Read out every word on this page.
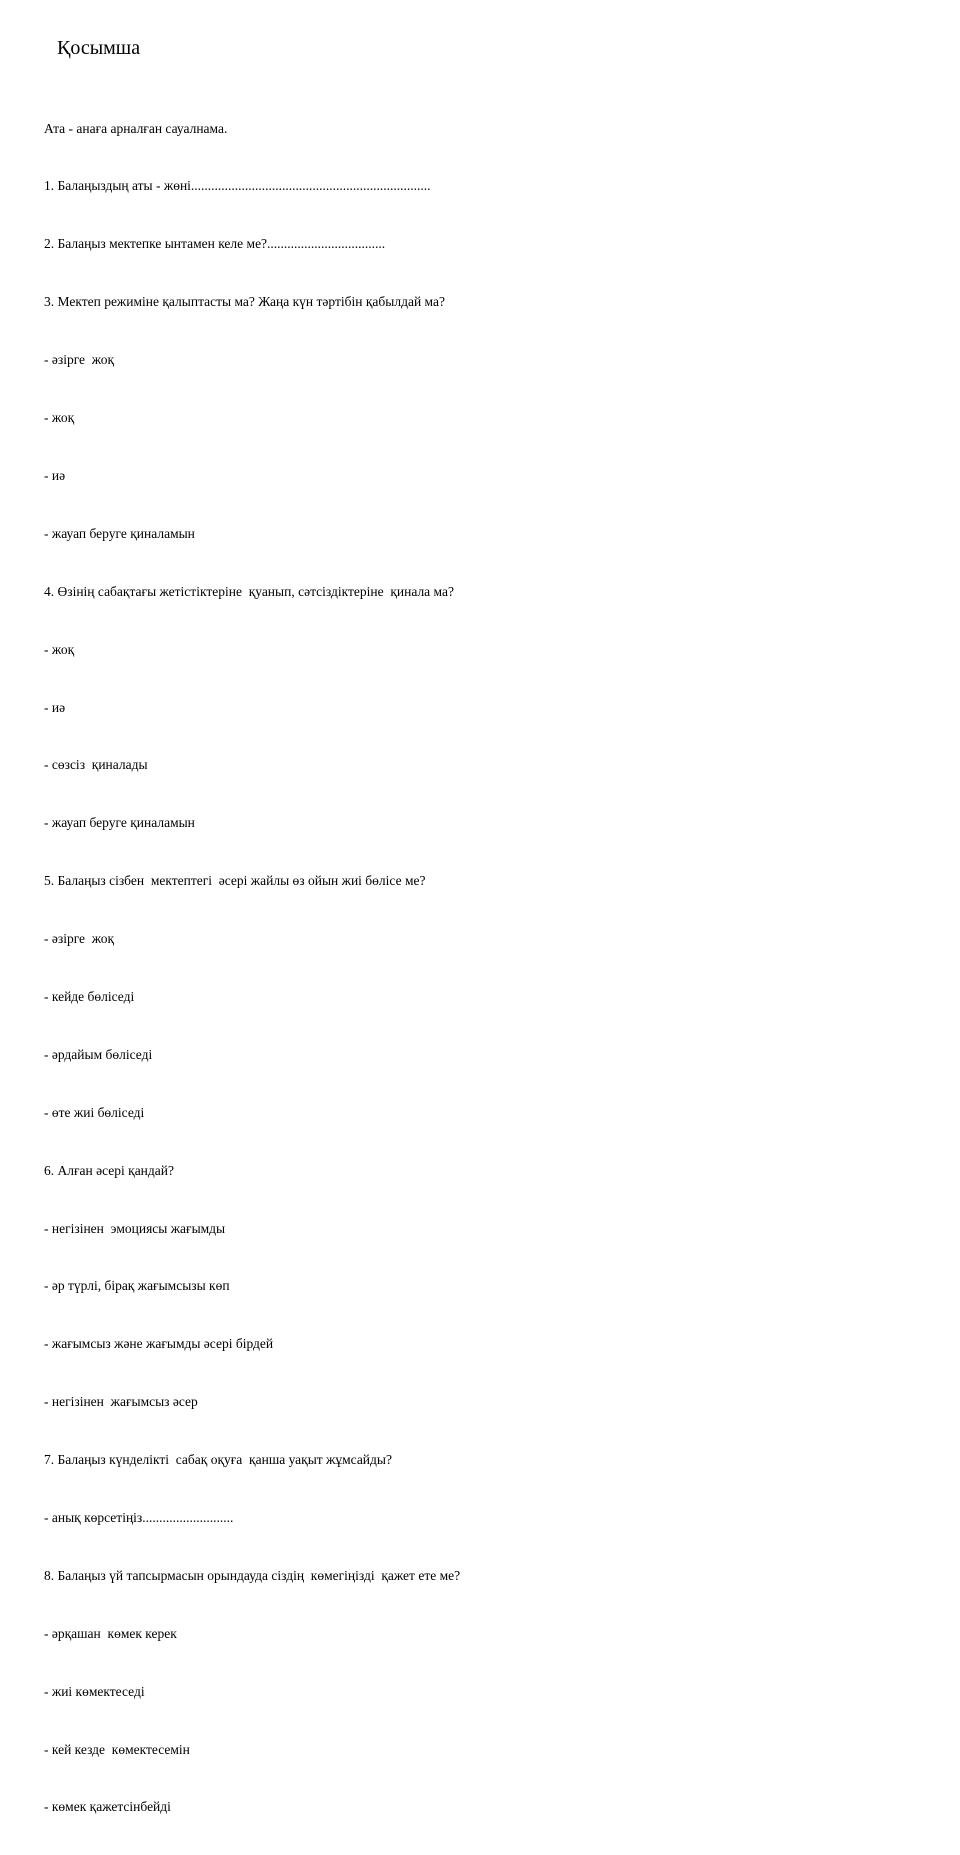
Қосымша

Ата - анаға арналған сауалнама.

1. Балаңыздың аты - жөні.......................................................................

2. Балаңыз мектепке ынтамен келе ме?...................................

3. Мектеп режиміне қалыптасты ма? Жаңа күн тәртібін қабылдай ма?

- әзірге  жоқ

- жоқ

- иә

- жауап беруге қиналамын

4. Өзінің сабақтағы жетістіктеріне  қуанып, сәтсіздіктеріне  қинала ма?

- жоқ

- иә

- сөзсіз  қиналады

- жауап беруге қиналамын

5. Балаңыз сізбен  мектептегі  әсері жайлы өз ойын жиі бөлісе ме?

- әзірге  жоқ

- кейде бөліседі

- әрдайым бөліседі

- өте жиі бөліседі

6. Алған әсері қандай?

- негізінен  эмоциясы жағымды

- әр түрлі, бірақ жағымсызы көп

- жағымсыз және жағымды әсері бірдей

- негізінен  жағымсыз әсер

7. Балаңыз күнделікті  сабақ оқуға  қанша уақыт жұмсайды?

- анық көрсетіңіз...........................

8. Балаңыз үй тапсырмасын орындауда сіздің  көмегіңізді  қажет ете ме?

- әрқашан  көмек керек

- жиі көмектеседі

- кей кезде  көмектесемін

- көмек қажетсінбейді
